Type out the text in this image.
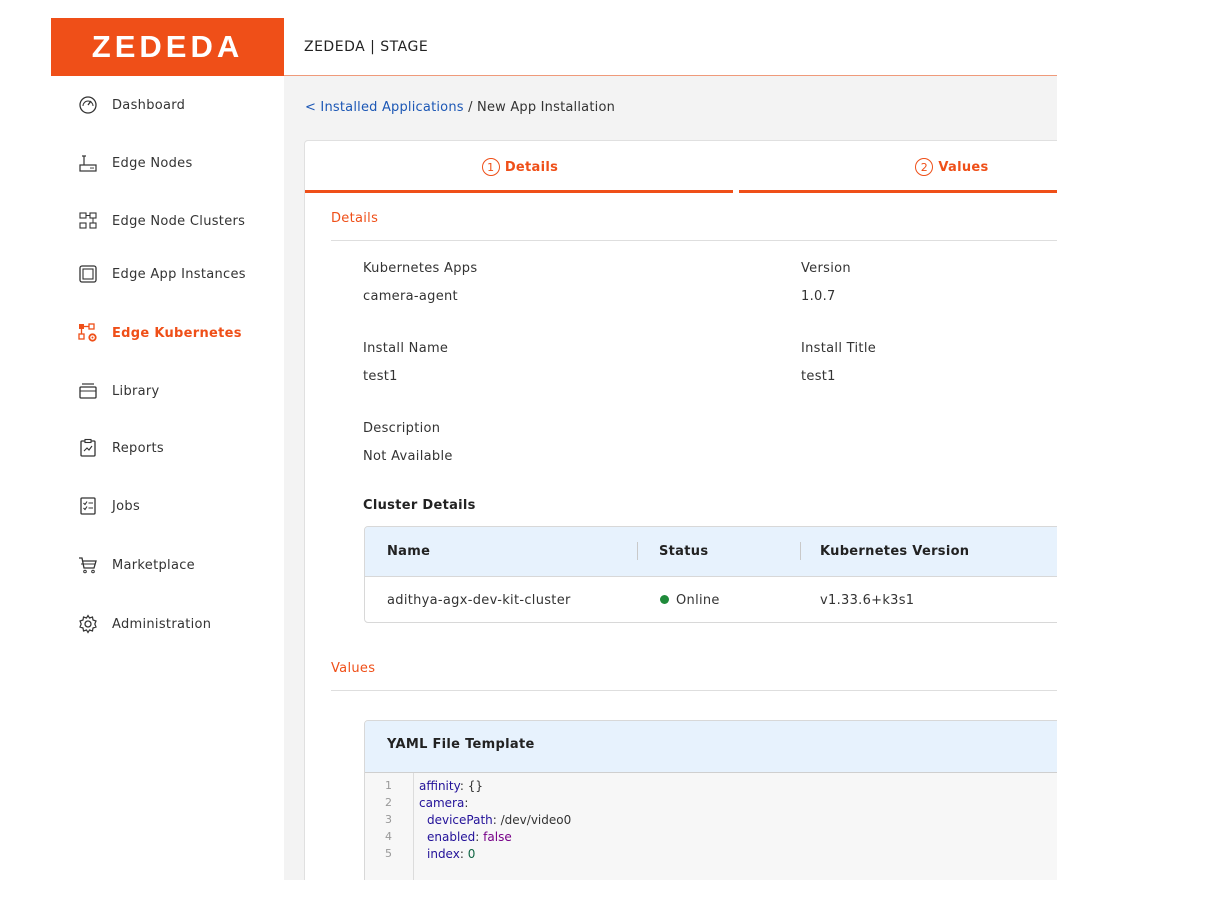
ZEDEDA
Dashboard
Edge Nodes
Edge Node Clusters
Edge App Instances
Edge Kubernetes
Library
Reports
Jobs
Marketplace
Administration
ZEDEDA | STAGE
< Installed Applications / New App Installation
1 Details	2 Values
Details
Kubernetes Apps
camera-agent
Version
1.0.7
Install Name
test1
Install Title
test1
Description
Not Available
Cluster Details
Name	Status	Kubernetes Version
adithya-agx-dev-kit-cluster	Online	v1.33.6+k3s1
Values
YAML File Template
1	affinity: {}
2	camera:
3	devicePath: /dev/video0
4	enabled: false
5	index: 0
